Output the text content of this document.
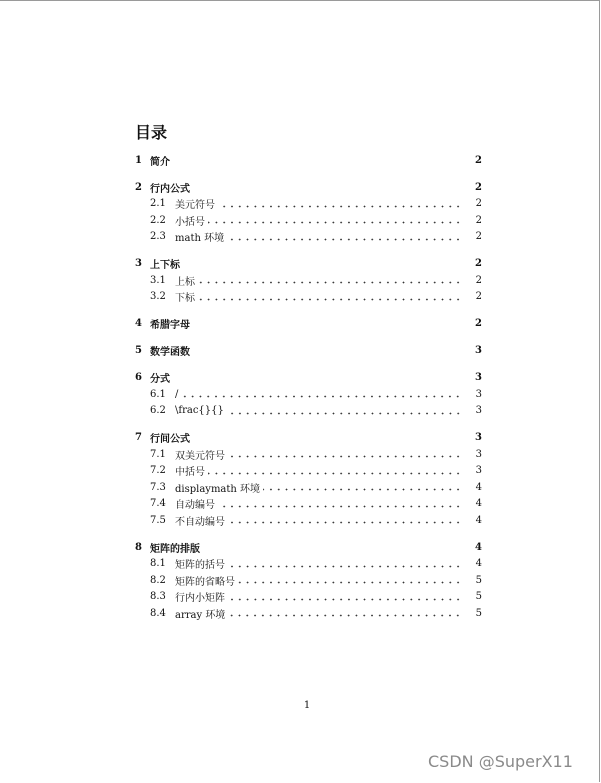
目录
1 简介	2
2 行内公式	2
2.1 美元符号	2
2.2 小括号	2
2.3 math 环境	2
3 上下标	2
3.1 上标	2
3.2 下标	2
4 希腊字母	2
5 数学函数	3
6 分式	3
6.1 /	3
6.2 \frac{}{}	3
7 行间公式	3
7.1 双美元符号	3
7.2 中括号	3
7.3 displaymath 环境	4
7.4 自动编号	4
7.5 不自动编号	4
8 矩阵的排版	4
8.1 矩阵的括号	4
8.2 矩阵的省略号	5
8.3 行内小矩阵	5
8.4 array 环境	5
1
CSDN @SuperX11
